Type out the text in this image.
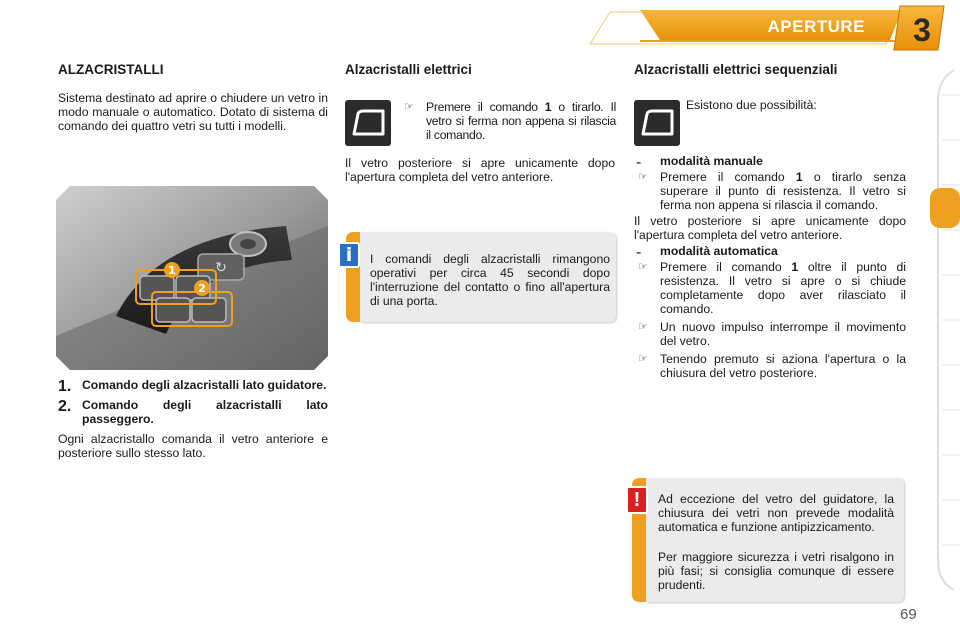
APERTURE 3
ALZACRISTALLI

Sistema destinato ad aprire o chiudere un vetro in modo manuale o automatico. Dotato di sistema di comando dei quattro vetri su tutti i modelli.

↻
1
2
1. Comando degli alzacristalli lato guidatore.

2. Comando degli alzacristalli lato passeggero.

Ogni alzacristallo comanda il vetro anteriore e posteriore sullo stesso lato.

Alzacristalli elettrici
☞ Premere il comando 1 o tirarlo. Il vetro si ferma non appena si rilascia il comando.

Il vetro posteriore si apre unicamente dopo l'apertura completa del vetro anteriore.

I comandi degli alzacristalli rimangono operativi per circa 45 secondi dopo l'interruzione del contatto o fino all'apertura di una porta.

i
Alzacristalli elettrici sequenziali

Esistono due possibilità:

- modalità manuale

☞ Premere il comando 1 o tirarlo senza superare il punto di resistenza. Il vetro si ferma non appena si rilascia il comando.

Il vetro posteriore si apre unicamente dopo l'apertura completa del vetro anteriore.

- modalità automatica

☞ Premere il comando 1 oltre il punto di resistenza. Il vetro si apre o si chiude completamente dopo aver rilasciato il comando.

☞ Un nuovo impulso interrompe il movimento del vetro.

☞ Tenendo premuto si aziona l'apertura o la chiusura del vetro posteriore.

Ad eccezione del vetro del guidatore, la chiusura dei vetri non prevede modalità automatica e funzione antipizzicamento.

Per maggiore sicurezza i vetri risalgono in più fasi; si consiglia comunque di essere prudenti.

!
69
